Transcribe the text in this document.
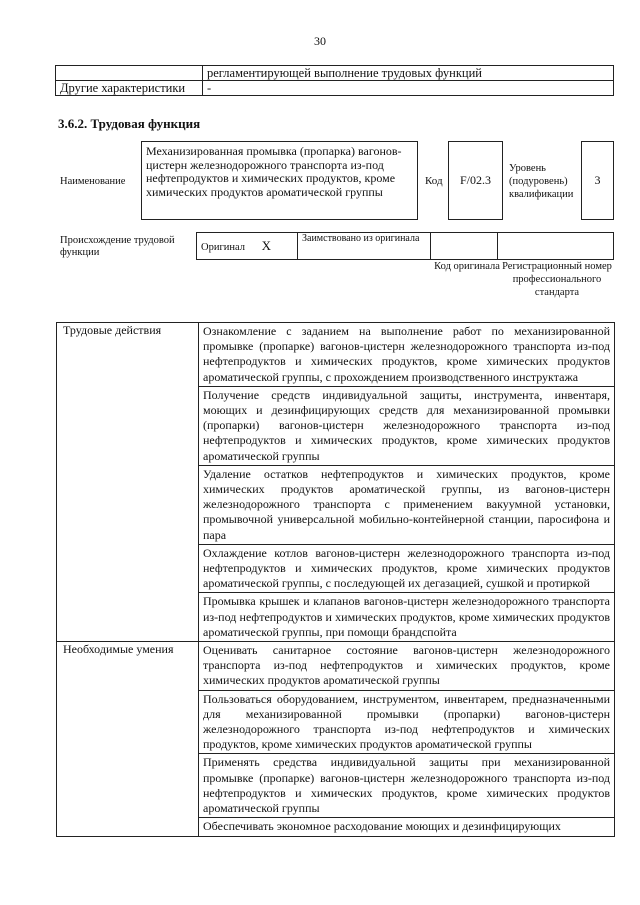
30
	регламентирующей выполнение трудовых функций
Другие характеристики	-
3.6.2. Трудовая функция
Наименование
Механизированная промывка (пропарка) вагонов-цистерн железнодорожного транспорта из-под нефтепродуктов и химических продуктов, кроме химических продуктов ароматической группы
Код	F/02.3
Уровень (подуровень) квалификации
3
Происхождение трудовой функции	Оригинал X	Заимствовано из оригинала		
Код оригинала Регистрационный номер профессионального стандарта
Трудовые действия	Ознакомление с заданием на выполнение работ по механизированной промывке (пропарке) вагонов-цистерн железнодорожного транспорта из-под нефтепродуктов и химических продуктов, кроме химических продуктов ароматической группы, с прохождением производственного инструктажа
	Получение средств индивидуальной защиты, инструмента, инвентаря, моющих и дезинфицирующих средств для механизированной промывки (пропарки) вагонов-цистерн железнодорожного транспорта из-под нефтепродуктов и химических продуктов, кроме химических продуктов ароматической группы
	Удаление остатков нефтепродуктов и химических продуктов, кроме химических продуктов ароматической группы, из вагонов-цистерн железнодорожного транспорта с применением вакуумной установки, промывочной универсальной мобильно-контейнерной станции, паросифона и пара
	Охлаждение котлов вагонов-цистерн железнодорожного транспорта из-под нефтепродуктов и химических продуктов, кроме химических продуктов ароматической группы, с последующей их дегазацией, сушкой и протиркой
	Промывка крышек и клапанов вагонов-цистерн железнодорожного транспорта из-под нефтепродуктов и химических продуктов, кроме химических продуктов ароматической группы, при помощи брандспойта
Необходимые умения	Оценивать санитарное состояние вагонов-цистерн железнодорожного транспорта из-под нефтепродуктов и химических продуктов, кроме химических продуктов ароматической группы
	Пользоваться оборудованием, инструментом, инвентарем, предназначенными для механизированной промывки (пропарки) вагонов-цистерн железнодорожного транспорта из-под нефтепродуктов и химических продуктов, кроме химических продуктов ароматической группы
	Применять средства индивидуальной защиты при механизированной промывке (пропарке) вагонов-цистерн железнодорожного транспорта из-под нефтепродуктов и химических продуктов, кроме химических продуктов ароматической группы
	Обеспечивать экономное расходование моющих и дезинфицирующих
